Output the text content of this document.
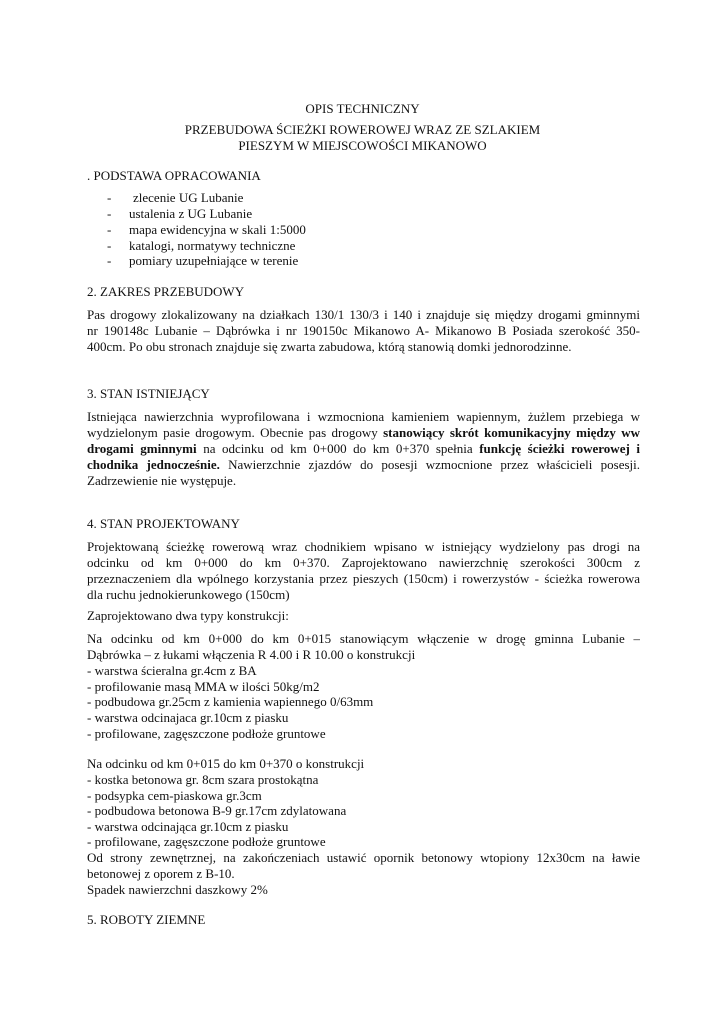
OPIS TECHNICZNY
PRZEBUDOWA ŚCIEŻKI ROWEROWEJ WRAZ ZE SZLAKIEM
PIESZYM W MIEJSCOWOŚCI MIKANOWO
. PODSTAWA OPRACOWANIA
- zlecenie UG Lubanie
- ustalenia z UG Lubanie
- mapa ewidencyjna w skali 1:5000
- katalogi, normatywy techniczne
- pomiary uzupełniające w terenie
2. ZAKRES PRZEBUDOWY
Pas drogowy zlokalizowany na działkach 130/1 130/3 i 140 i znajduje się między drogami gminnymi
nr 190148c Lubanie – Dąbrówka i nr 190150c Mikanowo A- Mikanowo B Posiada szerokość 350-
400cm. Po obu stronach znajduje się zwarta zabudowa, którą stanowią domki jednorodzinne.
3. STAN ISTNIEJĄCY
Istniejąca nawierzchnia wyprofilowana i wzmocniona kamieniem wapiennym, żużlem przebiega w
wydzielonym pasie drogowym. Obecnie pas drogowy stanowiący skrót komunikacyjny między ww
drogami gminnymi na odcinku od km 0+000 do km 0+370 spełnia funkcję ścieżki rowerowej i
chodnika jednocześnie. Nawierzchnie zjazdów do posesji wzmocnione przez właścicieli posesji.
Zadrzewienie nie występuje.
4. STAN PROJEKTOWANY
Projektowaną ścieżkę rowerową wraz chodnikiem wpisano w istniejący wydzielony pas drogi na
odcinku od km 0+000 do km 0+370. Zaprojektowano nawierzchnię szerokości 300cm z
przeznaczeniem dla wpólnego korzystania przez pieszych (150cm) i rowerzystów - ścieżka rowerowa
dla ruchu jednokierunkowego (150cm)
Zaprojektowano dwa typy konstrukcji:
Na odcinku od km 0+000 do km 0+015 stanowiącym włączenie w drogę gminna Lubanie –
Dąbrówka – z łukami włączenia R 4.00 i R 10.00 o konstrukcji
- warstwa ścieralna gr.4cm z BA
- profilowanie masą MMA w ilości 50kg/m2
- podbudowa gr.25cm z kamienia wapiennego 0/63mm
- warstwa odcinajaca gr.10cm z piasku
- profilowane, zagęszczone podłoże gruntowe
Na odcinku od km 0+015 do km 0+370 o konstrukcji
- kostka betonowa gr. 8cm szara prostokątna
- podsypka cem-piaskowa gr.3cm
- podbudowa betonowa B-9 gr.17cm zdylatowana
- warstwa odcinająca gr.10cm z piasku
- profilowane, zagęszczone podłoże gruntowe
Od strony zewnętrznej, na zakończeniach ustawić opornik betonowy wtopiony 12x30cm na ławie
betonowej z oporem z B-10.
Spadek nawierzchni daszkowy 2%
5. ROBOTY ZIEMNE
